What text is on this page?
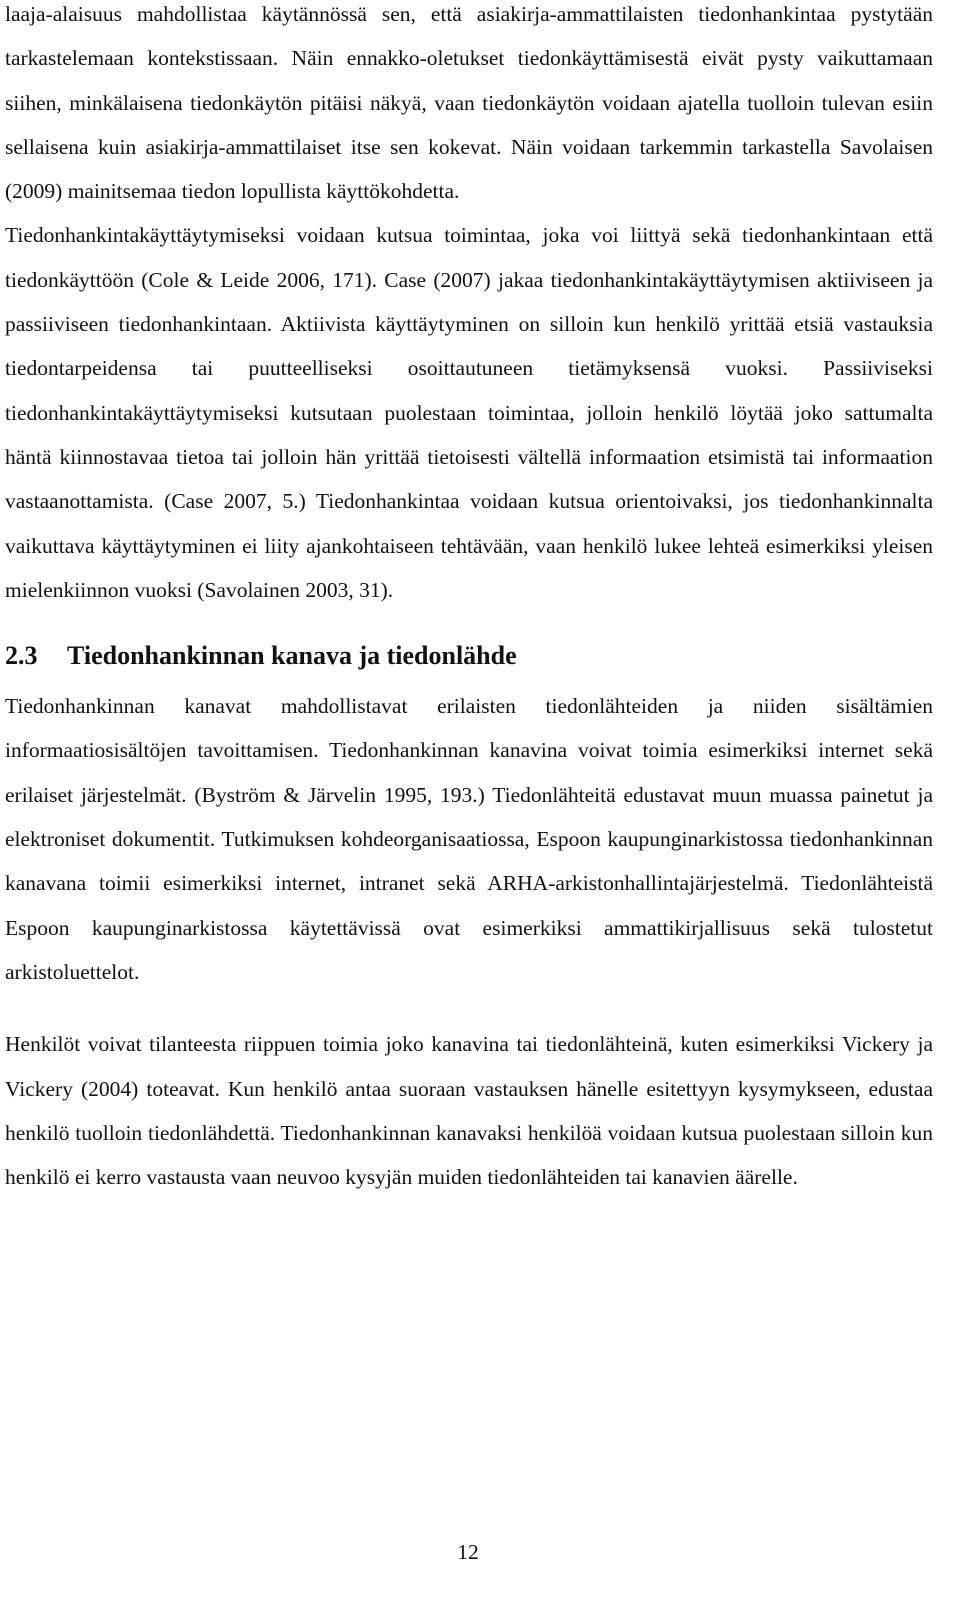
laaja-alaisuus mahdollistaa käytännössä sen, että asiakirja-ammattilaisten tiedonhankintaa pystytään tarkastelemaan kontekstissaan. Näin ennakko-oletukset tiedonkäyttämisestä eivät pysty vaikuttamaan siihen, minkälaisena tiedonkäytön pitäisi näkyä, vaan tiedonkäytön voidaan ajatella tuolloin tulevan esiin sellaisena kuin asiakirja-ammattilaiset itse sen kokevat. Näin voidaan tarkemmin tarkastella Savolaisen (2009) mainitsemaa tiedon lopullista käyttökohdetta.

Tiedonhankintakäyttäytymiseksi voidaan kutsua toimintaa, joka voi liittyä sekä tiedonhankintaan että tiedonkäyttöön (Cole & Leide 2006, 171). Case (2007) jakaa tiedonhankintakäyttäytymisen aktiiviseen ja passiiviseen tiedonhankintaan. Aktiivista käyttäytyminen on silloin kun henkilö yrittää etsiä vastauksia tiedontarpeidensa tai puutteelliseksi osoittautuneen tietämyksensä vuoksi. Passiiviseksi tiedonhankintakäyttäytymiseksi kutsutaan puolestaan toimintaa, jolloin henkilö löytää joko sattumalta häntä kiinnostavaa tietoa tai jolloin hän yrittää tietoisesti vältellä informaation etsimistä tai informaation vastaanottamista. (Case 2007, 5.) Tiedonhankintaa voidaan kutsua orientoivaksi, jos tiedonhankinnalta vaikuttava käyttäytyminen ei liity ajankohtaiseen tehtävään, vaan henkilö lukee lehteä esimerkiksi yleisen mielenkiinnon vuoksi (Savolainen 2003, 31).

2.3	Tiedonhankinnan kanava ja tiedonlähde

Tiedonhankinnan kanavat mahdollistavat erilaisten tiedonlähteiden ja niiden sisältämien informaatiosisältöjen tavoittamisen. Tiedonhankinnan kanavina voivat toimia esimerkiksi internet sekä erilaiset järjestelmät. (Byström & Järvelin 1995, 193.) Tiedonlähteitä edustavat muun muassa painetut ja elektroniset dokumentit. Tutkimuksen kohdeorganisaatiossa, Espoon kaupunginarkistossa tiedonhankinnan kanavana toimii esimerkiksi internet, intranet sekä ARHA-arkistonhallintajärjestelmä. Tiedonlähteistä Espoon kaupunginarkistossa käytettävissä ovat esimerkiksi ammattikirjallisuus sekä tulostetut arkistoluettelot.

Henkilöt voivat tilanteesta riippuen toimia joko kanavina tai tiedonlähteinä, kuten esimerkiksi Vickery ja Vickery (2004) toteavat. Kun henkilö antaa suoraan vastauksen hänelle esitettyyn kysymykseen, edustaa henkilö tuolloin tiedonlähdettä. Tiedonhankinnan kanavaksi henkilöä voidaan kutsua puolestaan silloin kun henkilö ei kerro vastausta vaan neuvoo kysyjän muiden tiedonlähteiden tai kanavien äärelle.

12
